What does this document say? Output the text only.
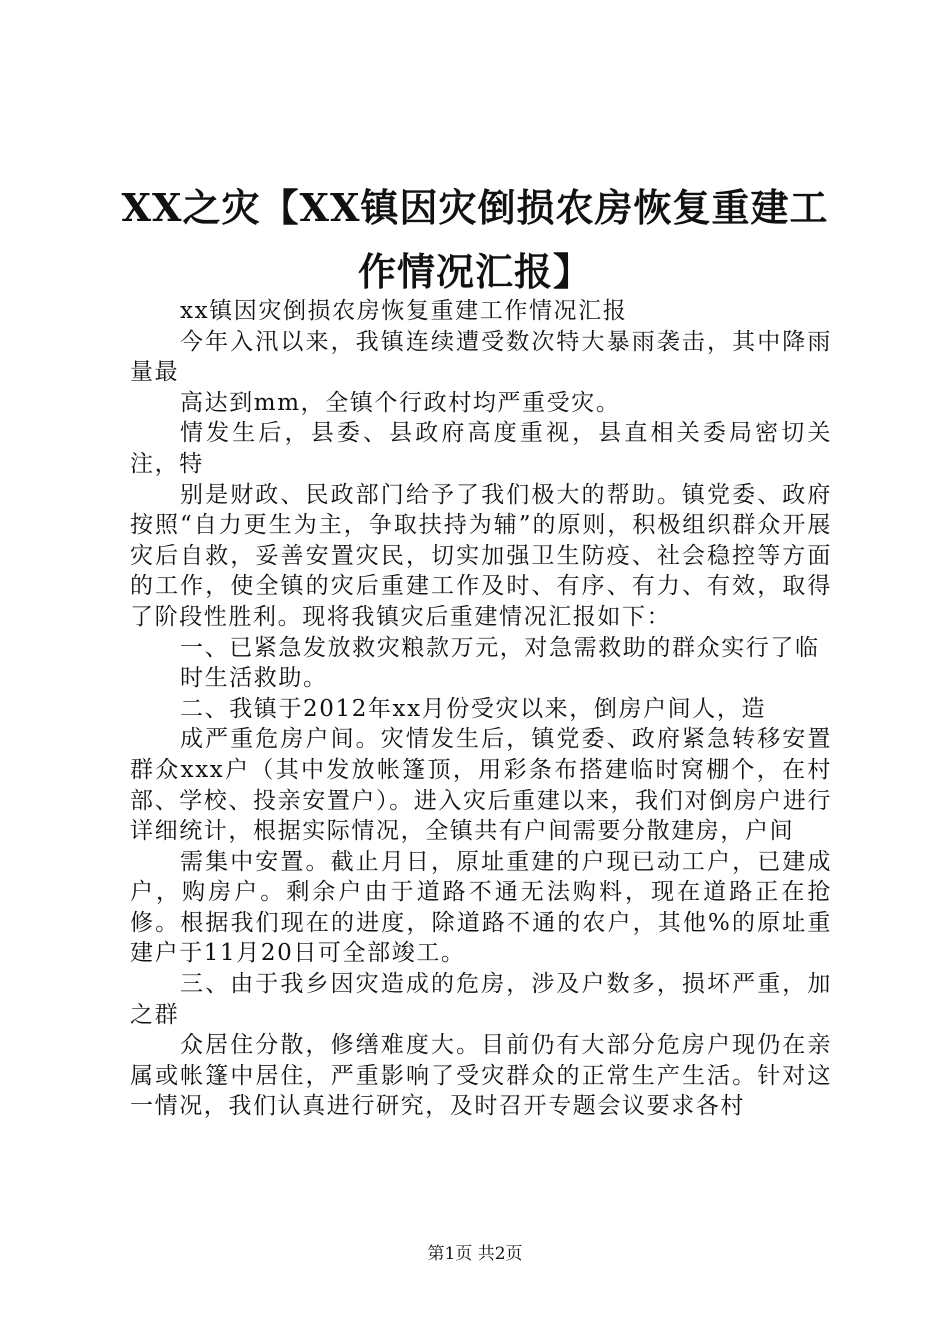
XX之灾【XX镇因灾倒损农房恢复重建工作情况汇报】

xx镇因灾倒损农房恢复重建工作情况汇报

今年入汛以来，我镇连续遭受数次特大暴雨袭击，其中降雨量最

高达到mm，全镇个行政村均严重受灾。

情发生后，县委、县政府高度重视，县直相关委局密切关注，特

别是财政、民政部门给予了我们极大的帮助。镇党委、政府按照“自力更生为主，争取扶持为辅”的原则，积极组织群众开展灾后自救，妥善安置灾民，切实加强卫生防疫、社会稳控等方面的工作，使全镇的灾后重建工作及时、有序、有力、有效，取得了阶段性胜利。现将我镇灾后重建情况汇报如下：

一、已紧急发放救灾粮款万元，对急需救助的群众实行了临

时生活救助。

二、我镇于2012年xx月份受灾以来，倒房户间人，造

成严重危房户间。灾情发生后，镇党委、政府紧急转移安置群众xxx户（其中发放帐篷顶，用彩条布搭建临时窝棚个，在村部、学校、投亲安置户）。进入灾后重建以来，我们对倒房户进行详细统计，根据实际情况，全镇共有户间需要分散建房，户间

需集中安置。截止月日，原址重建的户现已动工户，已建成户，购房户。剩余户由于道路不通无法购料，现在道路正在抢修。根据我们现在的进度，除道路不通的农户，其他%的原址重建户于11月20日可全部竣工。

三、由于我乡因灾造成的危房，涉及户数多，损坏严重，加之群

众居住分散，修缮难度大。目前仍有大部分危房户现仍在亲属或帐篷中居住，严重影响了受灾群众的正常生产生活。针对这一情况，我们认真进行研究，及时召开专题会议要求各村

第1页 共2页
